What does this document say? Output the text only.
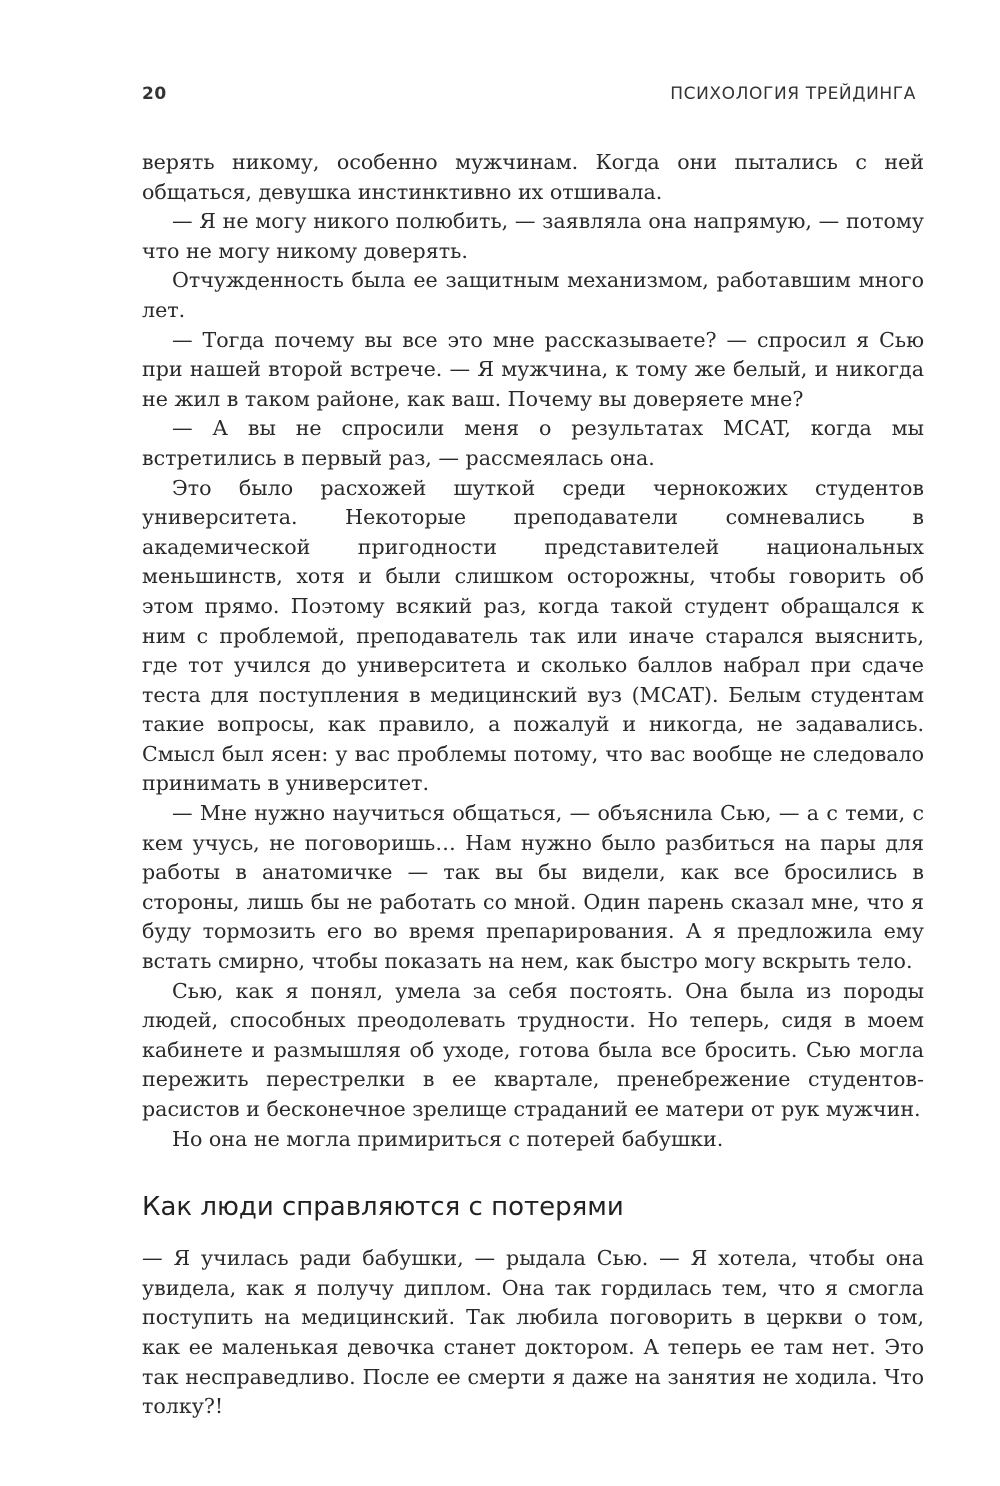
20	ПСИХОЛОГИЯ ТРЕЙДИНГА

верять никому, особенно мужчинам. Когда они пытались с ней общаться, девушка инстинктивно их отшивала.

— Я не могу никого полюбить, — заявляла она напрямую, — потому что не могу никому доверять.

Отчужденность была ее защитным механизмом, работавшим много лет.

— Тогда почему вы все это мне рассказываете? — спросил я Сью при нашей второй встрече. — Я мужчина, к тому же белый, и никогда не жил в таком районе, как ваш. Почему вы доверяете мне?

— А вы не спросили меня о результатах MCAT, когда мы встретились в первый раз, — рассмеялась она.

Это было расхожей шуткой среди чернокожих студентов университета. Некоторые преподаватели сомневались в академической пригодности представителей национальных меньшинств, хотя и были слишком осторожны, чтобы говорить об этом прямо. Поэтому всякий раз, когда такой студент обращался к ним с проблемой, преподаватель так или иначе старался выяснить, где тот учился до университета и сколько баллов набрал при сдаче теста для поступления в медицинский вуз (MCAT). Белым студентам такие вопросы, как правило, а пожалуй и никогда, не задавались. Смысл был ясен: у вас проблемы потому, что вас вообще не следовало принимать в университет.

— Мне нужно научиться общаться, — объяснила Сью, — а с теми, с кем учусь, не поговоришь… Нам нужно было разбиться на пары для работы в анатомичке — так вы бы видели, как все бросились в стороны, лишь бы не работать со мной. Один парень сказал мне, что я буду тормозить его во время препарирования. А я предложила ему встать смирно, чтобы показать на нем, как быстро могу вскрыть тело.

Сью, как я понял, умела за себя постоять. Она была из породы людей, способных преодолевать трудности. Но теперь, сидя в моем кабинете и размышляя об уходе, готова была все бросить. Сью могла пережить перестрелки в ее квартале, пренебрежение студентов-расистов и бесконечное зрелище страданий ее матери от рук мужчин.

Но она не могла примириться с потерей бабушки.

Как люди справляются с потерями

— Я училась ради бабушки, — рыдала Сью. — Я хотела, чтобы она увидела, как я получу диплом. Она так гордилась тем, что я смогла поступить на медицинский. Так любила поговорить в церкви о том, как ее маленькая девочка станет доктором. А теперь ее там нет. Это так несправедливо. После ее смерти я даже на занятия не ходила. Что толку?!
